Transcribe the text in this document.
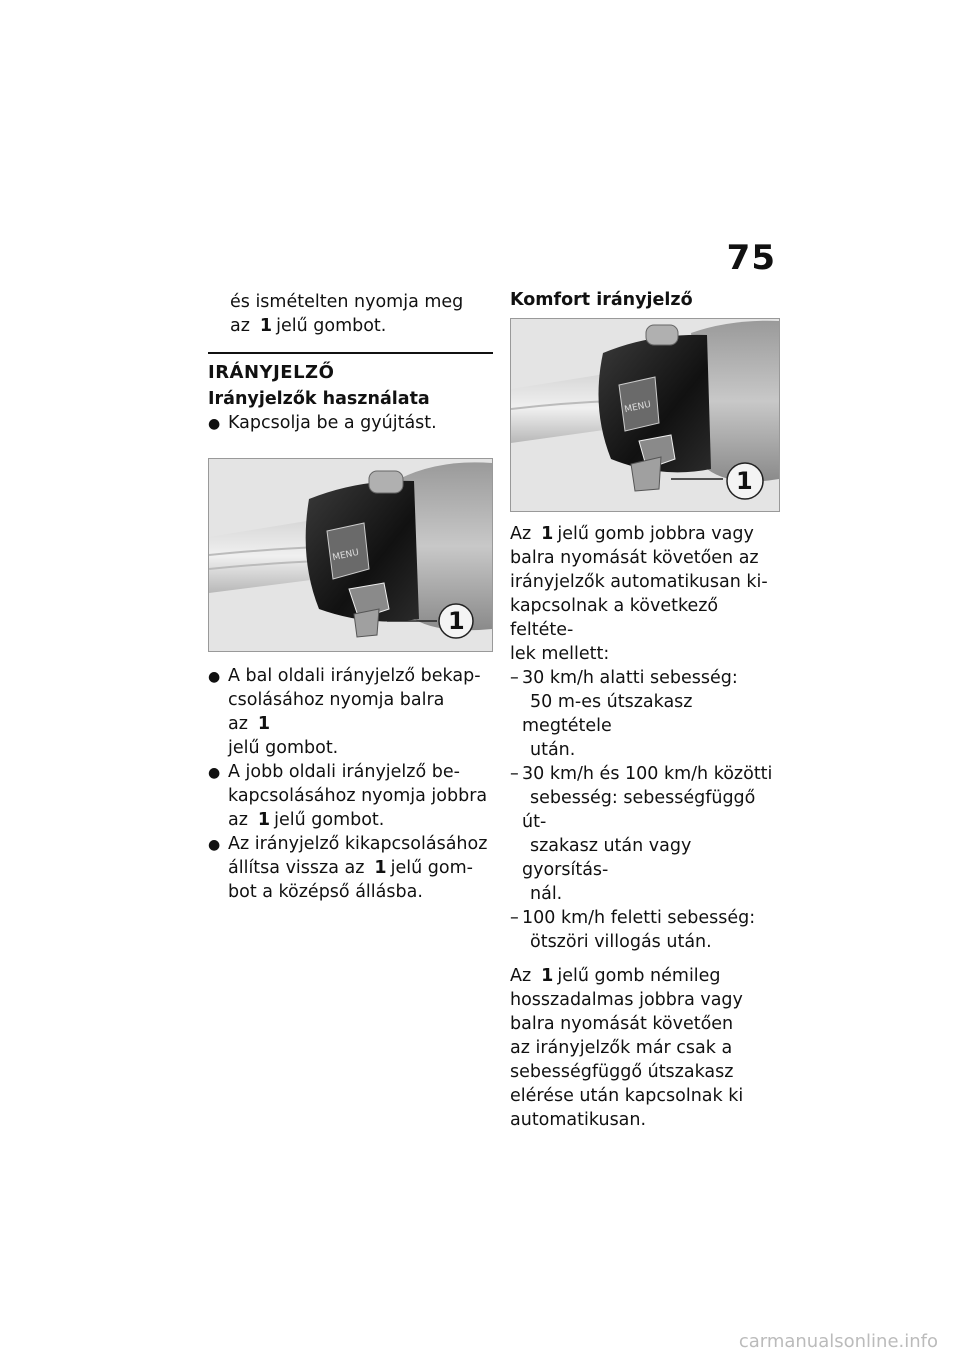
75

és ismételten nyomja meg
az 1 jelű gombot.

IRÁNYJELZŐ

Irányjelzők használata

● Kapcsolja be a gyújtást.
MENU
1
● A bal oldali irányjelző bekap-
csolásához nyomja balra az 1
jelű gombot.
● A jobb oldali irányjelző be-
kapcsolásához nyomja jobbra
az 1 jelű gombot.
● Az irányjelző kikapcsolásához
állítsa vissza az 1 jelű gom-
bot a középső állásba.

Komfort irányjelző

MENU
1

Az 1 jelű gomb jobbra vagy
balra nyomását követően az
irányjelzők automatikusan ki-
kapcsolnak a következő feltéte-
lek mellett:

– 30 km/h alatti sebesség:
50 m-es útszakasz megtétele
után.
– 30 km/h és 100 km/h közötti
sebesség: sebességfüggő út-
szakasz után vagy gyorsítás-
nál.
– 100 km/h feletti sebesség:
ötszöri villogás után.

Az 1 jelű gomb némileg
hosszadalmas jobbra vagy
balra nyomását követően
az irányjelzők már csak a
sebességfüggő útszakasz
elérése után kapcsolnak ki
automatikusan.

carmanualsonline.info
